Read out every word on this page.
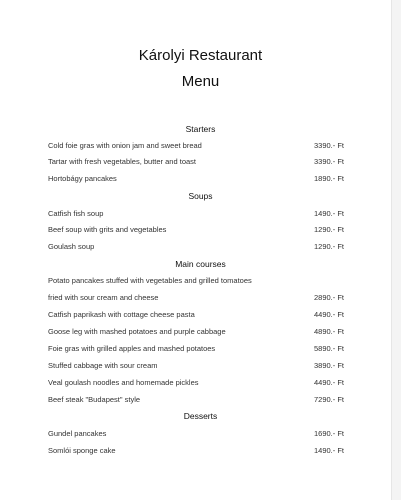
Károlyi Restaurant
Menu
Starters
Cold foie gras with onion jam and sweet bread	3390.- Ft
Tartar with fresh vegetables, butter and toast	3390.- Ft
Hortobágy pancakes	1890.- Ft
Soups
Catfish fish soup	1490.- Ft
Beef soup with grits and vegetables	1290.- Ft
Goulash soup	1290.- Ft
Main courses
Potato pancakes stuffed with vegetables and grilled tomatoes
fried with sour cream and cheese	2890.- Ft
Catfish paprikash with cottage cheese pasta	4490.- Ft
Goose leg with mashed potatoes and purple cabbage	4890.- Ft
Foie gras with grilled apples and mashed potatoes	5890.- Ft
Stuffed cabbage with sour cream	3890.- Ft
Veal goulash noodles and homemade pickles	4490.- Ft
Beef steak "Budapest" style	7290.- Ft
Desserts
Gundel pancakes	1690.- Ft
Somlói sponge cake	1490.- Ft
